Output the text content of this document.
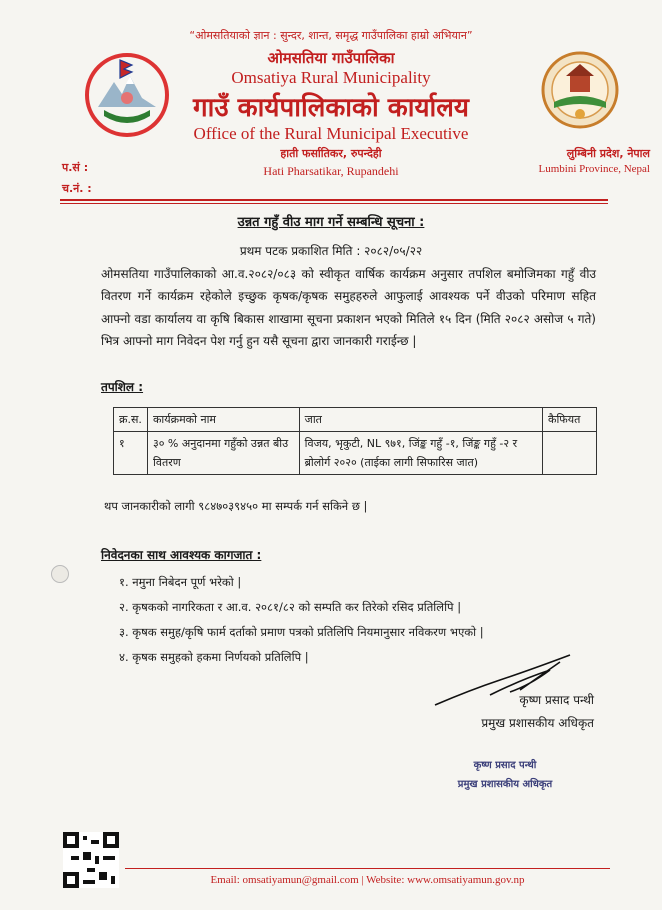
“ओमसतियाको ज्ञान : सुन्दर, शान्त, समृद्ध गाउँपालिका हाम्रो अभियान”
ओमसतिया गाउँपालिका
Omsatiya Rural Municipality
गाउँ कार्यपालिकाको कार्यालय
Office of the Rural Municipal Executive
हाती फर्सातिकर, रुपन्देही
Hati Pharsatikar, Rupandehi
लुम्बिनी प्रदेश, नेपाल
Lumbini Province, Nepal
प.सं :
च.नं. :
उन्नत गहुँ वीउ माग गर्ने सम्बन्धि सूचना :
प्रथम पटक प्रकाशित मिति : २०८२/०५/२२
ओमसतिया गाउँपालिकाको आ.व.२०८२/०८३ को स्वीकृत वार्षिक कार्यक्रम अनुसार तपशिल बमोजिमका गहुँ वीउ वितरण गर्ने कार्यक्रम रहेकोले इच्छुक कृषक/कृषक समुहहरुले आफुलाई आवश्यक पर्ने वीउको परिमाण सहित आफ्नो वडा कार्यालय वा कृषि बिकास शाखामा सूचना प्रकाशन भएको मितिले १५ दिन (मिति २०८२ असोज ५ गते) भित्र आफ्नो माग निवेदन पेश गर्नु हुन यसै सूचना द्वारा जानकारी गराईन्छ |
तपशिल :
क्र.स.	कार्यक्रमको नाम	जात	कैफियत
१	३० % अनुदानमा गहुँको उन्नत बीउ वितरण	विजय, भृकुटी, NL ९७१, जिंङ्क गहुँ -१, जिंङ्क गहुँ -२ र ब्रोलोर्ग २०२० (ताईका लागी सिफारिस जात)	
थप जानकारीको लागी ९८४७०३९४५० मा सम्पर्क गर्न सकिने छ |
निवेदनका साथ आवश्यक कागजात :
१. नमुना निबेदन पूर्ण भरेको |
२. कृषकको नागरिकता र आ.व. २०८१/८२ को सम्पति कर तिरेको रसिद प्रतिलिपि |
३. कृषक समुह/कृषि फार्म दर्ताको प्रमाण पत्रको प्रतिलिपि नियमानुसार नविकरण भएको |
४. कृषक समुहको हकमा निर्णयको प्रतिलिपि |
कृष्ण प्रसाद पन्थी
प्रमुख प्रशासकीय अधिकृत
कृष्ण प्रसाद पन्थी
प्रमुख प्रशासकीय अधिकृत
Email: omsatiyamun@gmail.com | Website: www.omsatiyamun.gov.np
